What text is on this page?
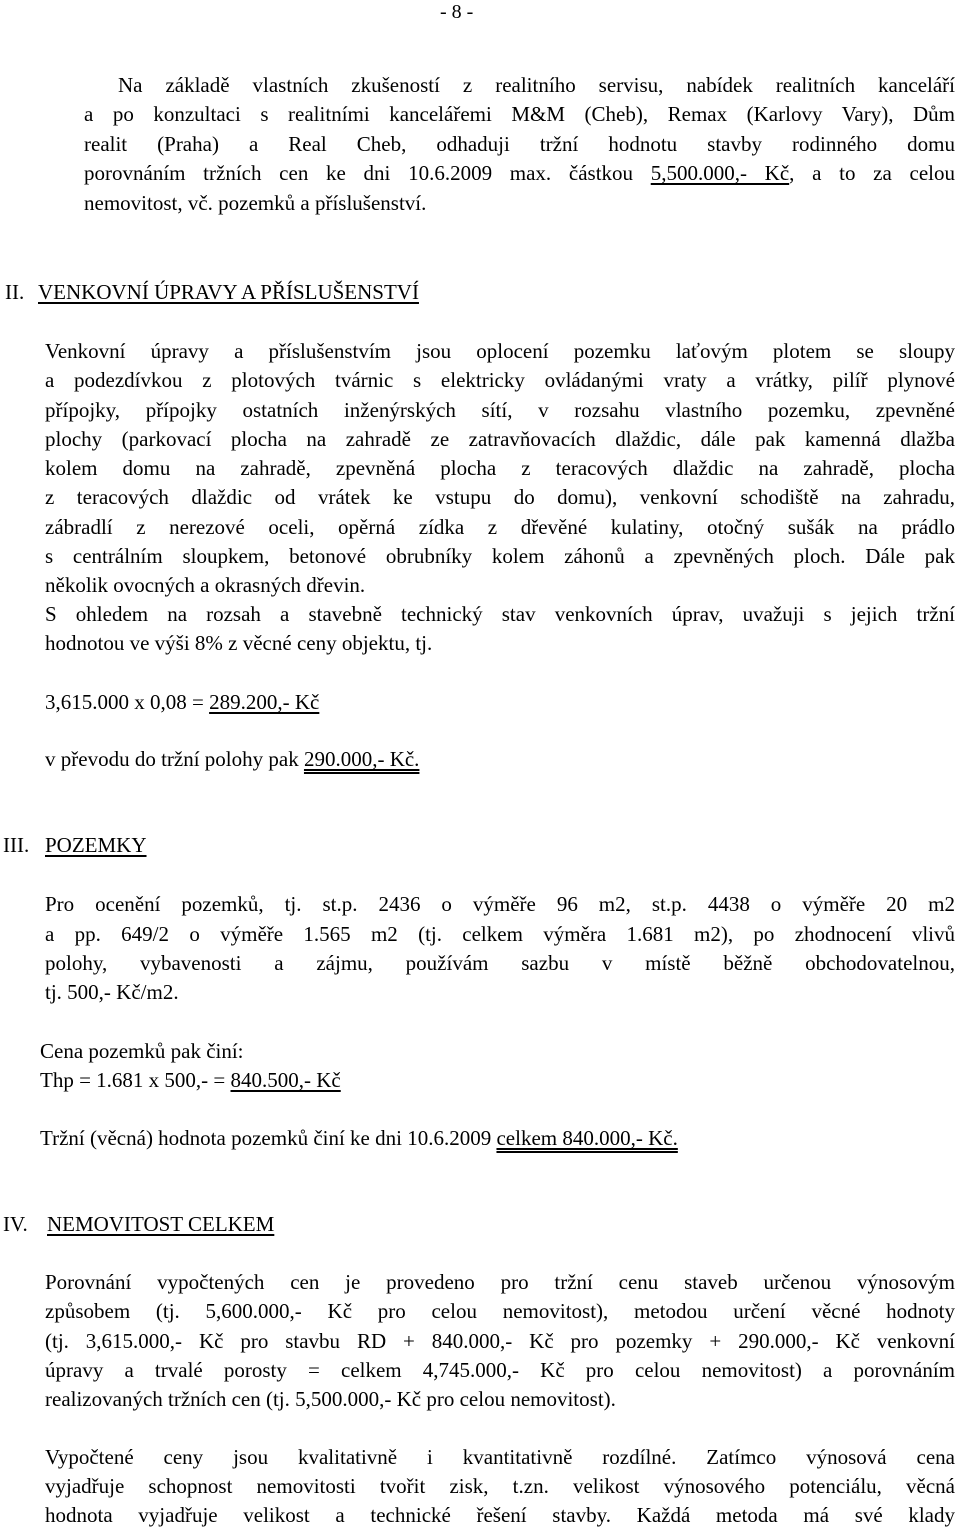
- 8 -
Na základě vlastních zkušeností z realitního servisu, nabídek realitních kanceláří
a po konzultaci s realitními kancelářemi M&M (Cheb), Remax (Karlovy Vary), Dům
realit (Praha) a Real Cheb, odhaduji tržní hodnotu stavby rodinného domu
porovnáním tržních cen ke dni 10.6.2009 max. částkou 5,500.000,- Kč, a to za celou
nemovitost, vč. pozemků a příslušenství.
II. VENKOVNÍ ÚPRAVY A PŘÍSLUŠENSTVÍ
Venkovní úpravy a příslušenstvím jsou oplocení pozemku laťovým plotem se sloupy
a podezdívkou z plotových tvárnic s elektricky ovládanými vraty a vrátky, pilíř plynové
přípojky, přípojky ostatních inženýrských sítí, v rozsahu vlastního pozemku, zpevněné
plochy (parkovací plocha na zahradě ze zatravňovacích dlaždic, dále pak kamenná dlažba
kolem domu na zahradě, zpevněná plocha z teracových dlaždic na zahradě, plocha
z teracových dlaždic od vrátek ke vstupu do domu), venkovní schodiště na zahradu,
zábradlí z nerezové oceli, opěrná zídka z dřevěné kulatiny, otočný sušák na prádlo
s centrálním sloupkem, betonové obrubníky kolem záhonů a zpevněných ploch. Dále pak
několik ovocných a okrasných dřevin.
S ohledem na rozsah a stavebně technický stav venkovních úprav, uvažuji s jejich tržní
hodnotou ve výši 8% z věcné ceny objektu, tj.
3,615.000 x 0,08 = 289.200,- Kč
v převodu do tržní polohy pak 290.000,- Kč.
III. POZEMKY
Pro ocenění pozemků, tj. st.p. 2436 o výměře 96 m2, st.p. 4438 o výměře 20 m2
a pp. 649/2 o výměře 1.565 m2 (tj. celkem výměra 1.681 m2), po zhodnocení vlivů
polohy, vybavenosti a zájmu, používám sazbu v místě běžně obchodovatelnou,
tj. 500,- Kč/m2.
Cena pozemků pak činí:
Thp = 1.681 x 500,- = 840.500,- Kč
Tržní (věcná) hodnota pozemků činí ke dni 10.6.2009 celkem 840.000,- Kč.
IV. NEMOVITOST CELKEM
Porovnání vypočtených cen je provedeno pro tržní cenu staveb určenou výnosovým
způsobem (tj. 5,600.000,- Kč pro celou nemovitost), metodou určení věcné hodnoty
(tj. 3,615.000,- Kč pro stavbu RD + 840.000,- Kč pro pozemky + 290.000,- Kč venkovní
úpravy a trvalé porosty = celkem 4,745.000,- Kč pro celou nemovitost) a porovnáním
realizovaných tržních cen (tj. 5,500.000,- Kč pro celou nemovitost).
Vypočtené ceny jsou kvalitativně i kvantitativně rozdílné. Zatímco výnosová cena
vyjadřuje schopnost nemovitosti tvořit zisk, t.zn. velikost výnosového potenciálu, věcná
hodnota vyjadřuje velikost a technické řešení stavby. Každá metoda má své klady
